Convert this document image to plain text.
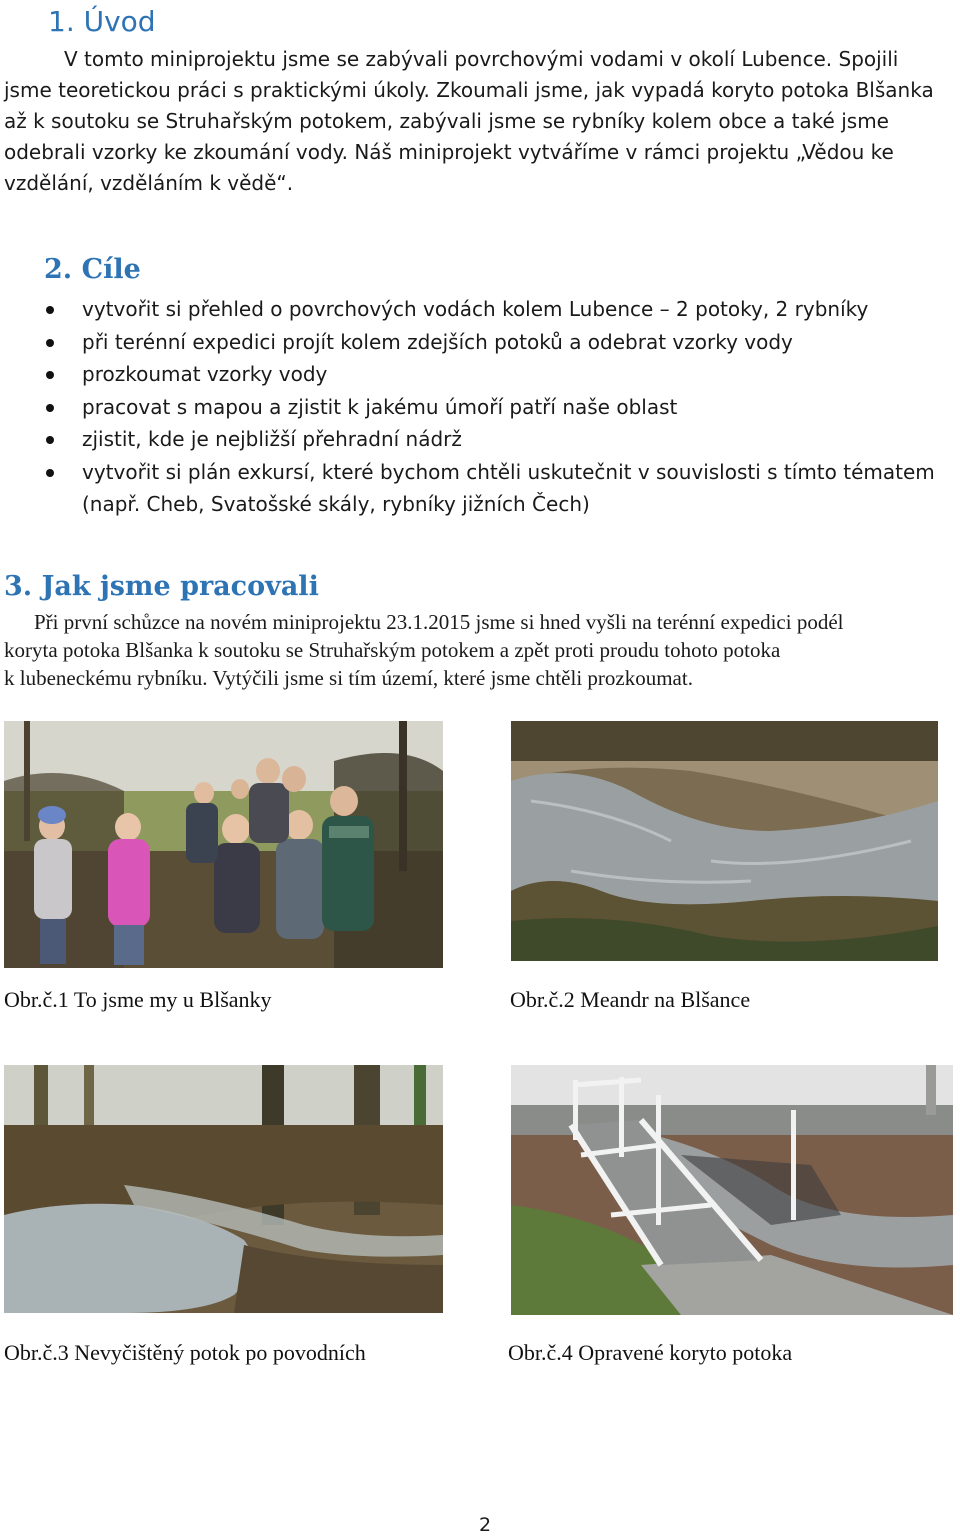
1. Úvod
V tomto miniprojektu jsme se zabývali povrchovými vodami v okolí Lubence. Spojili
jsme teoretickou práci s praktickými úkoly. Zkoumali jsme, jak vypadá koryto potoka Blšanka
až k soutoku se Struhařským potokem, zabývali jsme se rybníky kolem obce a také jsme
odebrali vzorky ke zkoumání vody. Náš miniprojekt vytváříme v rámci projektu „Vědou ke
vzdělání, vzděláním k vědě“.
2. Cíle
vytvořit si přehled o povrchových vodách kolem Lubence – 2 potoky, 2 rybníky
při terénní expedici projít kolem zdejších potoků a odebrat vzorky vody
prozkoumat vzorky vody
pracovat s mapou a zjistit k jakému úmoří patří naše oblast
zjistit, kde je nejbližší přehradní nádrž
vytvořit si plán exkursí, které bychom chtěli uskutečnit v souvislosti s tímto tématem
(např. Cheb, Svatošské skály, rybníky jižních Čech)
3. Jak jsme pracovali
Při první schůzce na novém miniprojektu 23.1.2015 jsme si hned vyšli na terénní expedici podél
koryta potoka Blšanka k soutoku se Struhařským potokem a zpět proti proudu tohoto potoka
k lubeneckému rybníku. Vytýčili jsme si tím území, které jsme chtěli prozkoumat.
Obr.č.1 To jsme my u Blšanky	Obr.č.2 Meandr na Blšance
Obr.č.3 Nevyčištěný potok po povodních	Obr.č.4 Opravené koryto potoka
2
